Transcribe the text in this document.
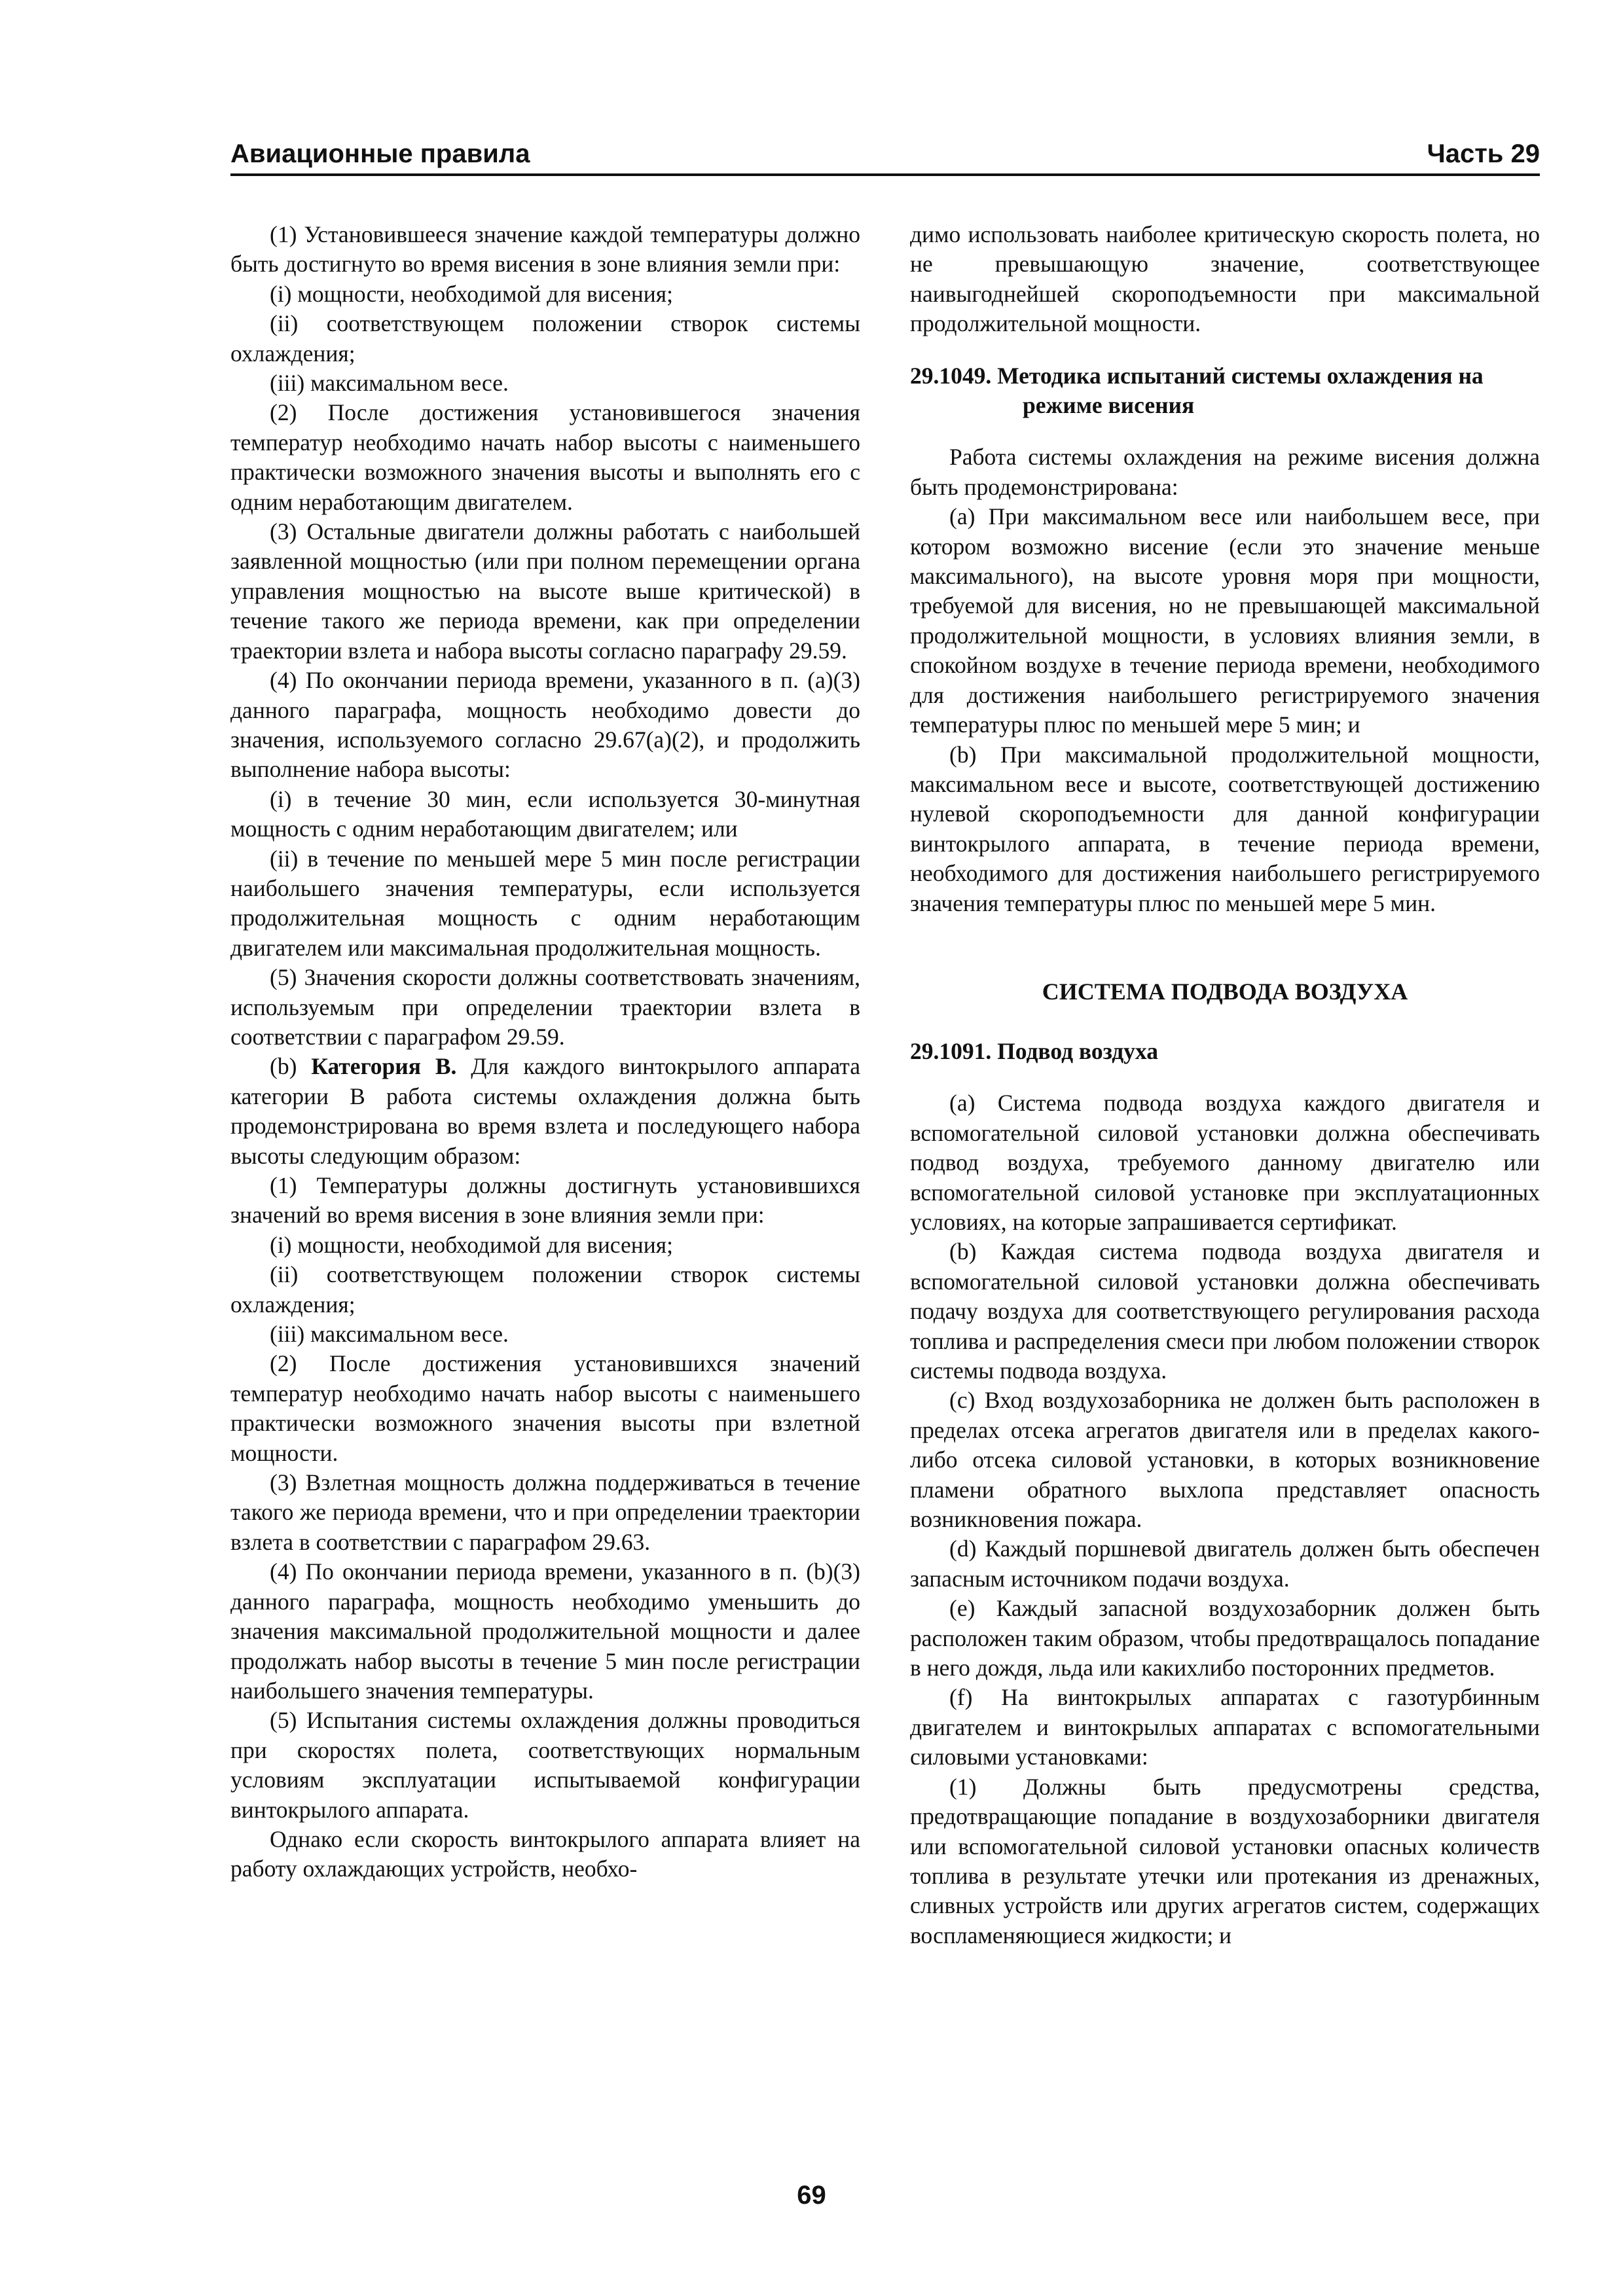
Авиационные правила	Часть 29

(1) Установившееся значение каждой температуры должно быть достигнуто во время висения в зоне влияния земли при:

(i) мощности, необходимой для висения;

(ii) соответствующем положении створок системы охлаждения;

(iii) максимальном весе.

(2) После достижения установившегося значения температур необходимо начать набор высоты с наименьшего практически возможного значения высоты и выполнять его с одним неработающим двигателем.

(3) Остальные двигатели должны работать с наибольшей заявленной мощностью (или при полном перемещении органа управления мощностью на высоте выше критической) в течение такого же периода времени, как при определении траектории взлета и набора высоты согласно параграфу 29.59.

(4) По окончании периода времени, указанного в п. (a)(3) данного параграфа, мощность необходимо довести до значения, используемого согласно 29.67(a)(2), и продолжить выполнение набора высоты:

(i) в течение 30 мин, если используется 30-минутная мощность с одним неработающим двигателем; или

(ii) в течение по меньшей мере 5 мин после регистрации наибольшего значения температуры, если используется продолжительная мощность с одним неработающим двигателем или максимальная продолжительная мощность.

(5) Значения скорости должны соответствовать значениям, используемым при определении траектории взлета в соответствии с параграфом 29.59.

(b) Категория В. Для каждого винтокрылого аппарата категории В работа системы охлаждения должна быть продемонстрирована во время взлета и последующего набора высоты следующим образом:

(1) Температуры должны достигнуть установившихся значений во время висения в зоне влияния земли при:

(i) мощности, необходимой для висения;

(ii) соответствующем положении створок системы охлаждения;

(iii) максимальном весе.

(2) После достижения установившихся значений температур необходимо начать набор высоты с наименьшего практически возможного значения высоты при взлетной мощности.

(3) Взлетная мощность должна поддерживаться в течение такого же периода времени, что и при определении траектории взлета в соответствии с параграфом 29.63.

(4) По окончании периода времени, указанного в п. (b)(3) данного параграфа, мощность необходимо уменьшить до значения максимальной продолжительной мощности и далее продолжать набор высоты в течение 5 мин после регистрации наибольшего значения температуры.

(5) Испытания системы охлаждения должны проводиться при скоростях полета, соответствующих нормальным условиям эксплуатации испытываемой конфигурации винтокрылого аппарата.

Однако если скорость винтокрылого аппарата влияет на работу охлаждающих устройств, необхо-

димо использовать наиболее критическую скорость полета, но не превышающую значение, соответствующее наивыгоднейшей скороподъемности при максимальной продолжительной мощности.

29.1049. Методика испытаний системы охлаждения на режиме висения

Работа системы охлаждения на режиме висения должна быть продемонстрирована:

(a) При максимальном весе или наибольшем весе, при котором возможно висение (если это значение меньше максимального), на высоте уровня моря при мощности, требуемой для висения, но не превышающей максимальной продолжительной мощности, в условиях влияния земли, в спокойном воздухе в течение периода времени, необходимого для достижения наибольшего регистрируемого значения температуры плюс по меньшей мере 5 мин; и

(b) При максимальной продолжительной мощности, максимальном весе и высоте, соответствующей достижению нулевой скороподъемности для данной конфигурации винтокрылого аппарата, в течение периода времени, необходимого для достижения наибольшего регистрируемого значения температуры плюс по меньшей мере 5 мин.

СИСТЕМА ПОДВОДА ВОЗДУХА
29.1091. Подвод воздуха

(a) Система подвода воздуха каждого двигателя и вспомогательной силовой установки должна обеспечивать подвод воздуха, требуемого данному двигателю или вспомогательной силовой установке при эксплуатационных условиях, на которые запрашивается сертификат.

(b) Каждая система подвода воздуха двигателя и вспомогательной силовой установки должна обеспечивать подачу воздуха для соответствующего регулирования расхода топлива и распределения смеси при любом положении створок системы подвода воздуха.

(c) Вход воздухозаборника не должен быть расположен в пределах отсека агрегатов двигателя или в пределах какого-либо отсека силовой установки, в которых возникновение пламени обратного выхлопа представляет опасность возникновения пожара.

(d) Каждый поршневой двигатель должен быть обеспечен запасным источником подачи воздуха.

(e) Каждый запасной воздухозаборник должен быть расположен таким образом, чтобы предотвращалось попадание в него дождя, льда или какихлибо посторонних предметов.

(f) На винтокрылых аппаратах с газотурбинным двигателем и винтокрылых аппаратах с вспомогательными силовыми установками:

(1) Должны быть предусмотрены средства, предотвращающие попадание в воздухозаборники двигателя или вспомогательной силовой установки опасных количеств топлива в результате утечки или протекания из дренажных, сливных устройств или других агрегатов систем, содержащих воспламеняющиеся жидкости; и

69
